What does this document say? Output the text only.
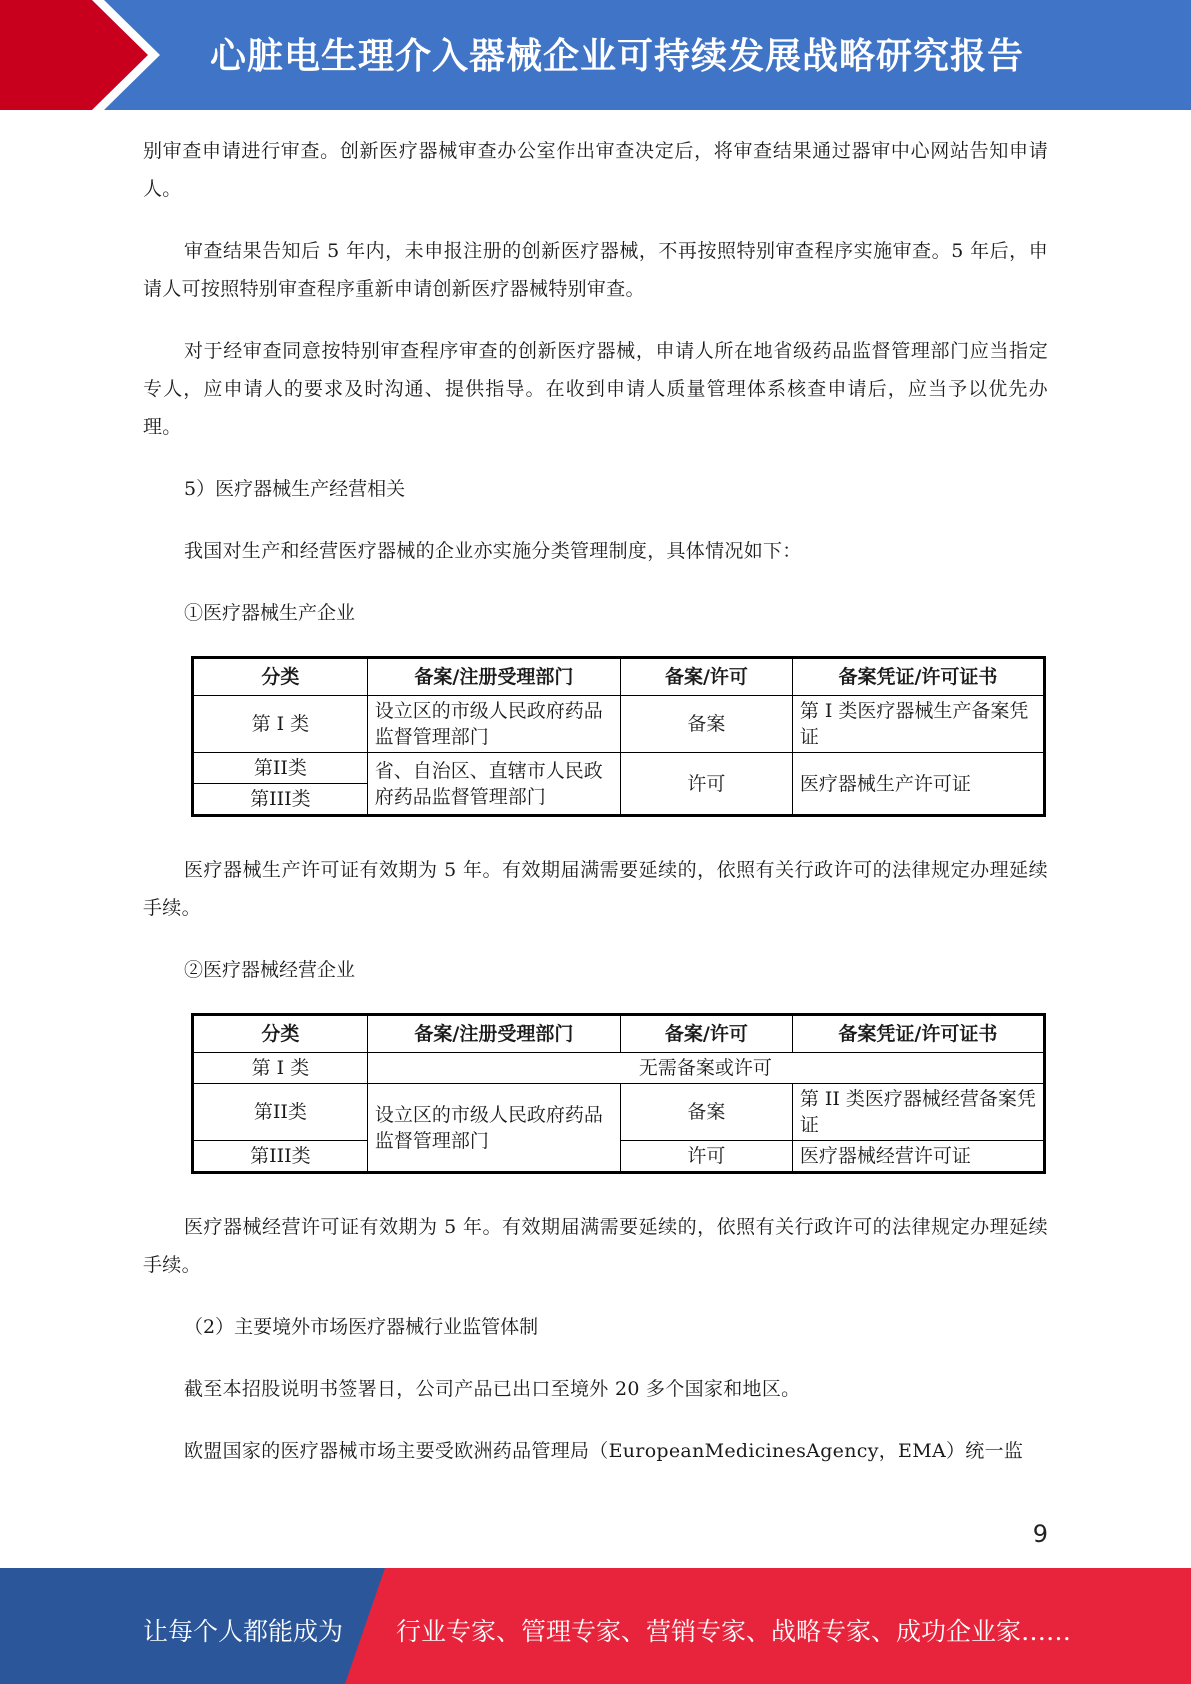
心脏电生理介入器械企业可持续发展战略研究报告

别审查申请进行审查。创新医疗器械审查办公室作出审查决定后，将审查结果通过器审中心网站告知申请人。

审查结果告知后 5 年内，未申报注册的创新医疗器械，不再按照特别审查程序实施审查。5 年后，申请人可按照特别审查程序重新申请创新医疗器械特别审查。

对于经审查同意按特别审查程序审查的创新医疗器械，申请人所在地省级药品监督管理部门应当指定专人，应申请人的要求及时沟通、提供指导。在收到申请人质量管理体系核查申请后，应当予以优先办理。

5）医疗器械生产经营相关

我国对生产和经营医疗器械的企业亦实施分类管理制度，具体情况如下：

①医疗器械生产企业
分类	备案/注册受理部门	备案/许可	备案凭证/许可证书
第 I 类	设立区的市级人民政府药品监督管理部门	备案	第 I 类医疗器械生产备案凭证
第II类	省、自治区、直辖市人民政府药品监督管理部门	许可	医疗器械生产许可证
第III类			

医疗器械生产许可证有效期为 5 年。有效期届满需要延续的，依照有关行政许可的法律规定办理延续手续。

②医疗器械经营企业
分类	备案/注册受理部门	备案/许可	备案凭证/许可证书
第 I 类	无需备案或许可		
第II类	设立区的市级人民政府药品监督管理部门	备案	第 II 类医疗器械经营备案凭证
第III类		许可	医疗器械经营许可证

医疗器械经营许可证有效期为 5 年。有效期届满需要延续的，依照有关行政许可的法律规定办理延续手续。

（2）主要境外市场医疗器械行业监管体制

截至本招股说明书签署日，公司产品已出口至境外 20 多个国家和地区。

欧盟国家的医疗器械市场主要受欧洲药品管理局（EuropeanMedicinesAgency，EMA）统一监

9
让每个人都能成为 行业专家、管理专家、营销专家、战略专家、成功企业家……
